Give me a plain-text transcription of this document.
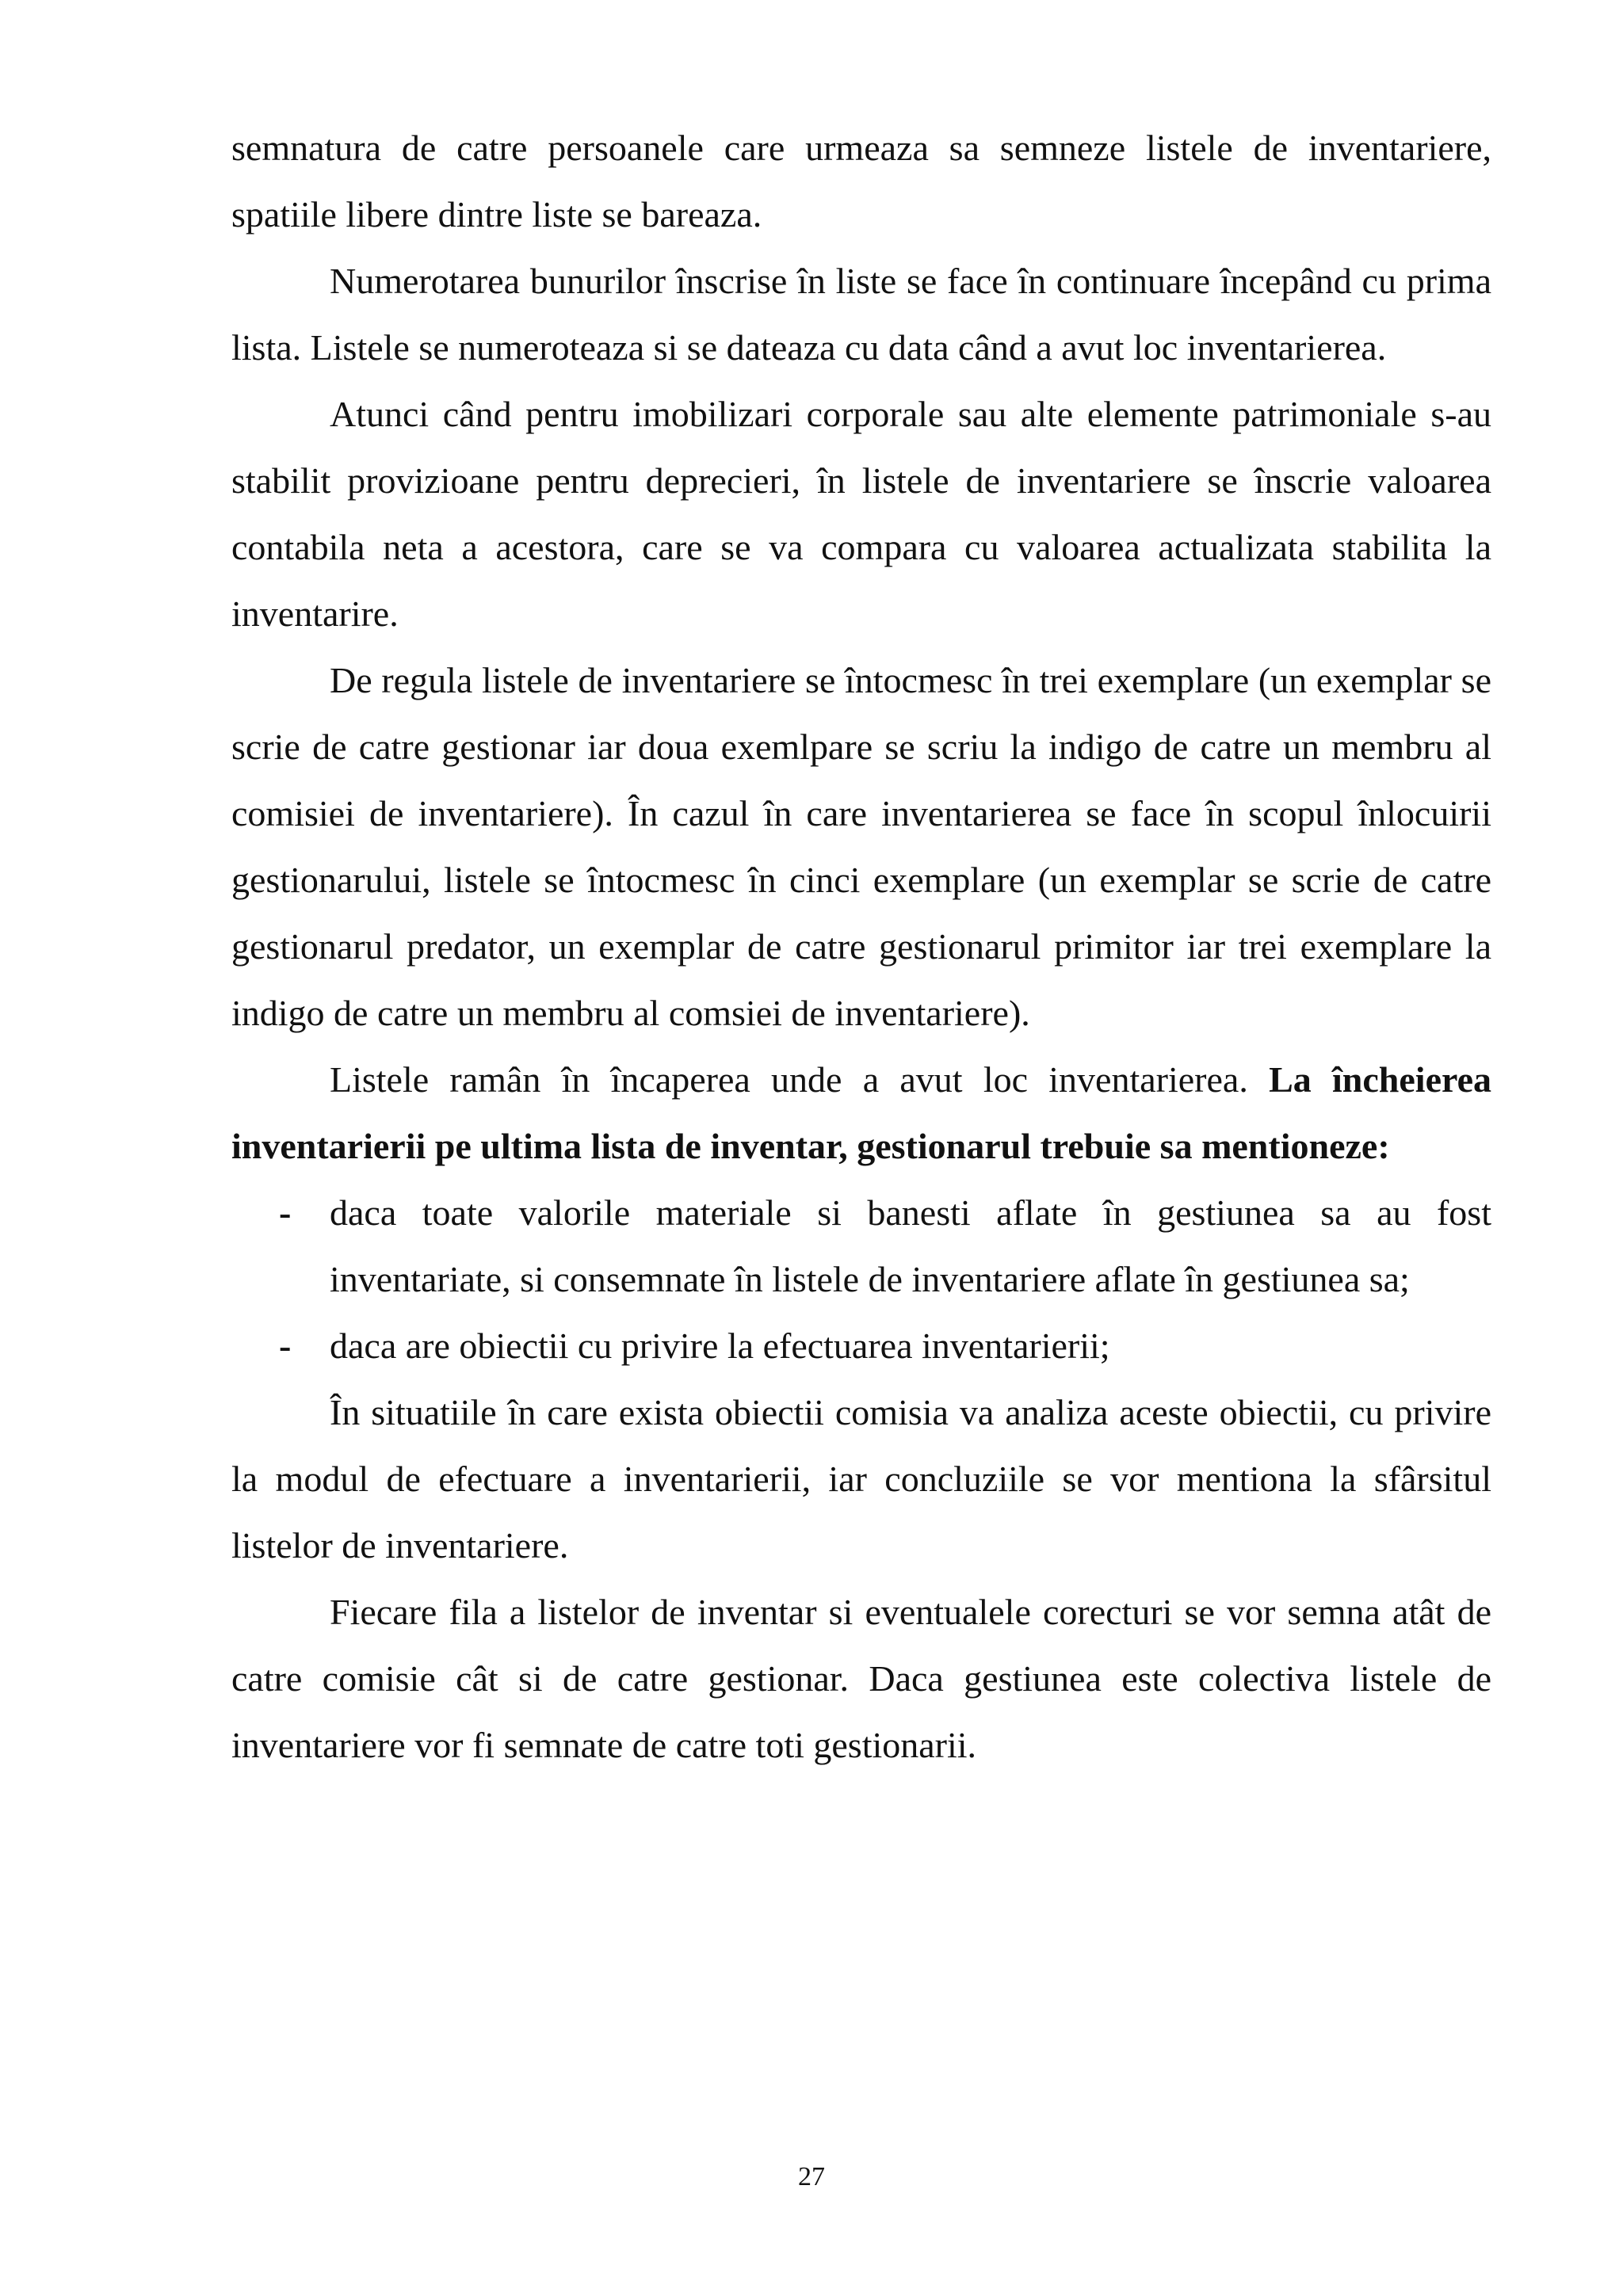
semnatura de catre persoanele care urmeaza sa semneze listele de inventariere, spatiile libere dintre liste se bareaza.

Numerotarea bunurilor înscrise în liste se face în continuare începând cu prima lista. Listele se numeroteaza si se dateaza cu data când a avut loc inventarierea.

Atunci când pentru imobilizari corporale sau alte elemente patrimoniale s-au stabilit provizioane pentru deprecieri, în listele de inventariere se înscrie valoarea contabila neta a acestora, care se va compara cu valoarea actualizata stabilita la inventarire.

De regula listele de inventariere se întocmesc în trei exemplare (un exemplar se scrie de catre gestionar iar doua exemlpare se scriu la indigo de catre un membru al comisiei de inventariere). În cazul în care inventarierea se face în scopul înlocuirii gestionarului, listele se întocmesc în cinci exemplare (un exemplar se scrie de catre gestionarul predator, un exemplar de catre gestionarul primitor iar trei exemplare la indigo de catre un membru al comsiei de inventariere).

Listele ramân în încaperea unde a avut loc inventarierea. La încheierea inventarierii pe ultima lista de inventar, gestionarul trebuie sa mentioneze:

- daca toate valorile materiale si banesti aflate în gestiunea sa au fost inventariate, si consemnate în listele de inventariere aflate în gestiunea sa;
- daca are obiectii cu privire la efectuarea inventarierii;

În situatiile în care exista obiectii comisia va analiza aceste obiectii, cu privire la modul de efectuare a inventarierii, iar concluziile se vor mentiona la sfârsitul listelor de inventariere.

Fiecare fila a listelor de inventar si eventualele corecturi se vor semna atât de catre comisie cât si de catre gestionar. Daca gestiunea este colectiva listele de inventariere vor fi semnate de catre toti gestionarii.

27
